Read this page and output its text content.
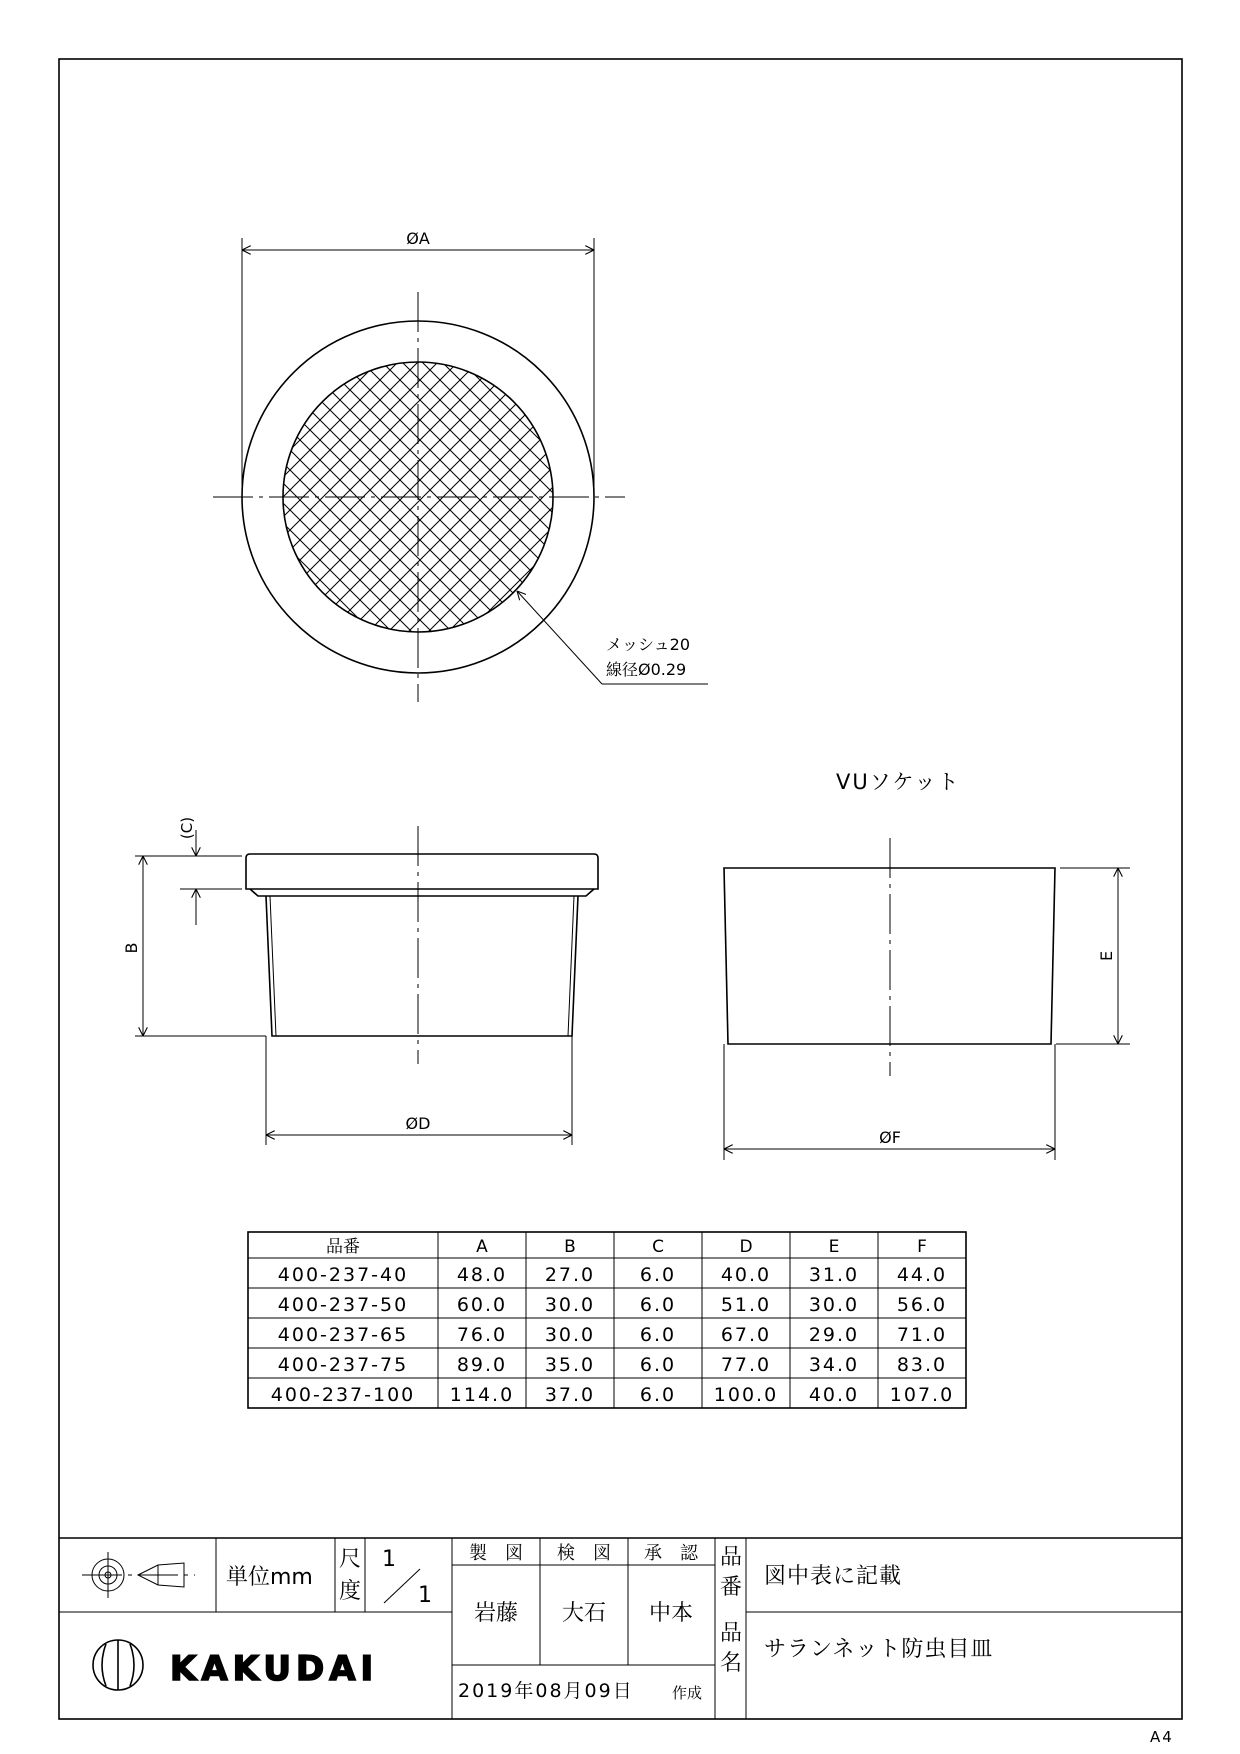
ØA
メッシュ20
線径Ø0.29
B
(C)
ØD
VUソケット
E
ØF
品番	A	B	C	D	E	F
400-237-40	48.0 27.0 6.0 40.0 31.0 44.0
400-237-50	60.0 30.0 6.0 51.0 30.0 56.0
400-237-65	76.0 30.0 6.0 67.0 29.0 71.0
400-237-75	89.0 35.0 6.0 77.0 34.0 83.0
400-237-100 114.0 37.0 6.0 100.0 40.0 107.0
単位mm
尺
度
1
1
製　図 検　図 承　認
岩藤 大石 中本
2019年08月09日	作成
品
番 図中表に記載
品
名
サランネット防虫目皿
KAKUDAI
A4
